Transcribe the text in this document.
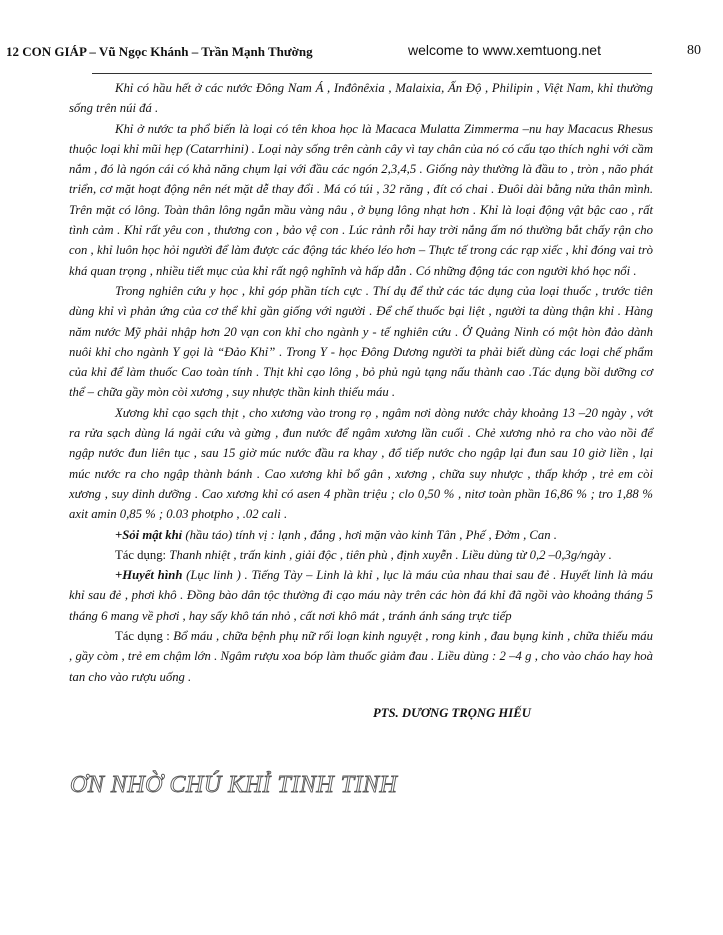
12 CON GIÁP – Vũ Ngọc Khánh – Trần Mạnh Thường	welcome to www.xemtuong.net	80

Khỉ có hầu hết ở các nước Đông Nam Á , Inđônêxia , Malaixia, Ấn Độ , Philipin , Việt Nam, khỉ thường sống trên núi đá .

Khỉ ở nước ta phổ biến là loại có tên khoa học là Macaca Mulatta Zimmerma –nu hay Macacus Rhesus thuộc loại khỉ mũi hẹp (Catarrhini) . Loại này sống trên cành cây vì tay chân của nó có cấu tạo thích nghi với cầm nắm , đó là ngón cái có khả năng chụm lại với đầu các ngón 2,3,4,5 . Giống này thường là đầu to , tròn , não phát triển, cơ mặt hoạt động nên nét mặt dễ thay đổi . Má có túi , 32 răng , đít có chai . Đuôi dài bằng nửa thân mình. Trên mặt có lông. Toàn thân lông ngắn mầu vàng nâu , ở bụng lông nhạt hơn . Khỉ là loại động vật bậc cao , rất tình cảm . Khỉ rất yêu con , thương con , bảo vệ con . Lúc rảnh rỗi hay trời nắng ấm nó thường bắt chấy rận cho con , khỉ luôn học hỏi người để làm được các động tác khéo léo hơn – Thực tế trong các rạp xiếc , khỉ đóng vai trò khá quan trọng , nhiều tiết mục của khỉ rất ngộ nghĩnh và hấp dẫn . Có những động tác con người khó học nổi .

Trong nghiên cứu y học , khỉ góp phần tích cực . Thí dụ để thử các tác dụng của loại thuốc , trước tiên dùng khỉ vì phản ứng của cơ thể khỉ gần giống với người . Để chế thuốc bại liệt , người ta dùng thận khỉ . Hàng năm nước Mỹ phải nhập hơn 20 vạn con khỉ cho ngành y - tế nghiên cứu . Ở Quảng Ninh có một hòn đảo dành nuôi khỉ cho ngành Y gọi là “Đảo Khỉ” . Trong Y - học Đông Dương người ta phải biết dùng các loại chế phẩm của khỉ để làm thuốc Cao toàn tính . Thịt khỉ cạo lông , bỏ phủ ngủ tạng nấu thành cao .Tác dụng bồi dưỡng cơ thể – chữa gầy mòn còi xương , suy nhược thần kinh thiếu máu .

Xương khỉ cạo sạch thịt , cho xương vào trong rọ , ngâm nơi dòng nước chảy khoảng 13 –20 ngày , vớt ra rửa sạch dùng lá ngải cứu và gừng , đun nước để ngâm xương lần cuối . Chẻ xương nhỏ ra cho vào nồi để ngập nước đun liên tục , sau 15 giờ múc nước đầu ra khay , đổ tiếp nước cho ngập lại đun sau 10 giờ liền , lại múc nước ra cho ngập thành bánh . Cao xương khỉ bổ gân , xương , chữa suy nhược , thấp khớp , trẻ em còi xương , suy dinh dưỡng . Cao xương khỉ có asen 4 phần triệu ; clo 0,50 % , nitơ toàn phần 16,86 % ; tro 1,88 % axit amin 0,85 % ; 0.03 photpho , .02 cali .

+Sỏi mật khỉ (hầu táo) tính vị : lạnh , đắng , hơi mặn vào kinh Tân , Phế , Đởm , Can .

Tác dụng: Thanh nhiệt , trấn kinh , giải độc , tiên phù , định xuyễn . Liều dùng từ 0,2 –0,3g/ngày .

+Huyết hình (Lục linh ) . Tiếng Tày – Linh là khỉ , lục là máu của nhau thai sau đẻ . Huyết linh là máu khỉ sau đẻ , phơi khô . Đồng bào dân tộc thường đi cạo máu này trên các hòn đá khỉ đã ngồi vào khoảng tháng 5 tháng 6 mang về phơi , hay sấy khô tán nhỏ , cất nơi khô mát , tránh ánh sáng trực tiếp

Tác dụng : Bổ máu , chữa bệnh phụ nữ rối loạn kinh nguyệt , rong kinh , đau bụng kinh , chữa thiếu máu , gầy còm , trẻ em chậm lớn . Ngâm rượu xoa bóp làm thuốc giảm đau . Liều dùng : 2 –4 g , cho vào cháo hay hoà tan cho vào rượu uống .

PTS. DƯƠNG TRỌNG HIẾU

ƠN NHỜ CHÚ KHỈ TINH TINH
